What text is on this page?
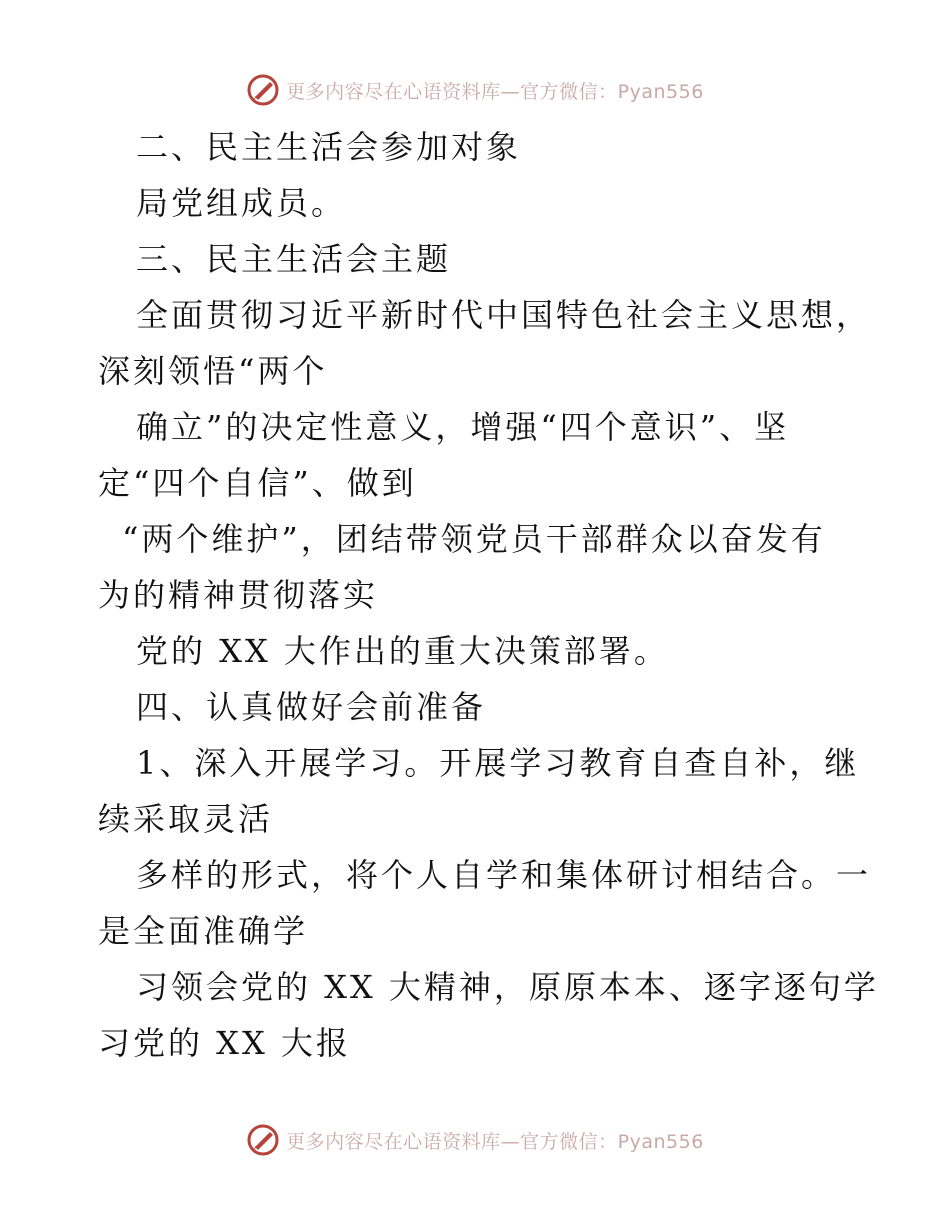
更多内容尽在心语资料库—官方微信：Pyan556
二、民主生活会参加对象
局党组成员。
三、民主生活会主题
全面贯彻习近平新时代中国特色社会主义思想，
深刻领悟“两个
确立”的决定性意义，增强“四个意识”、坚
定“四个自信”、做到
“两个维护”，团结带领党员干部群众以奋发有
为的精神贯彻落实
党的 XX 大作出的重大决策部署。
四、认真做好会前准备
1、深入开展学习。开展学习教育自查自补，继
续采取灵活
多样的形式，将个人自学和集体研讨相结合。一
是全面准确学
习领会党的 XX 大精神，原原本本、逐字逐句学
习党的 XX 大报
更多内容尽在心语资料库—官方微信：Pyan556
